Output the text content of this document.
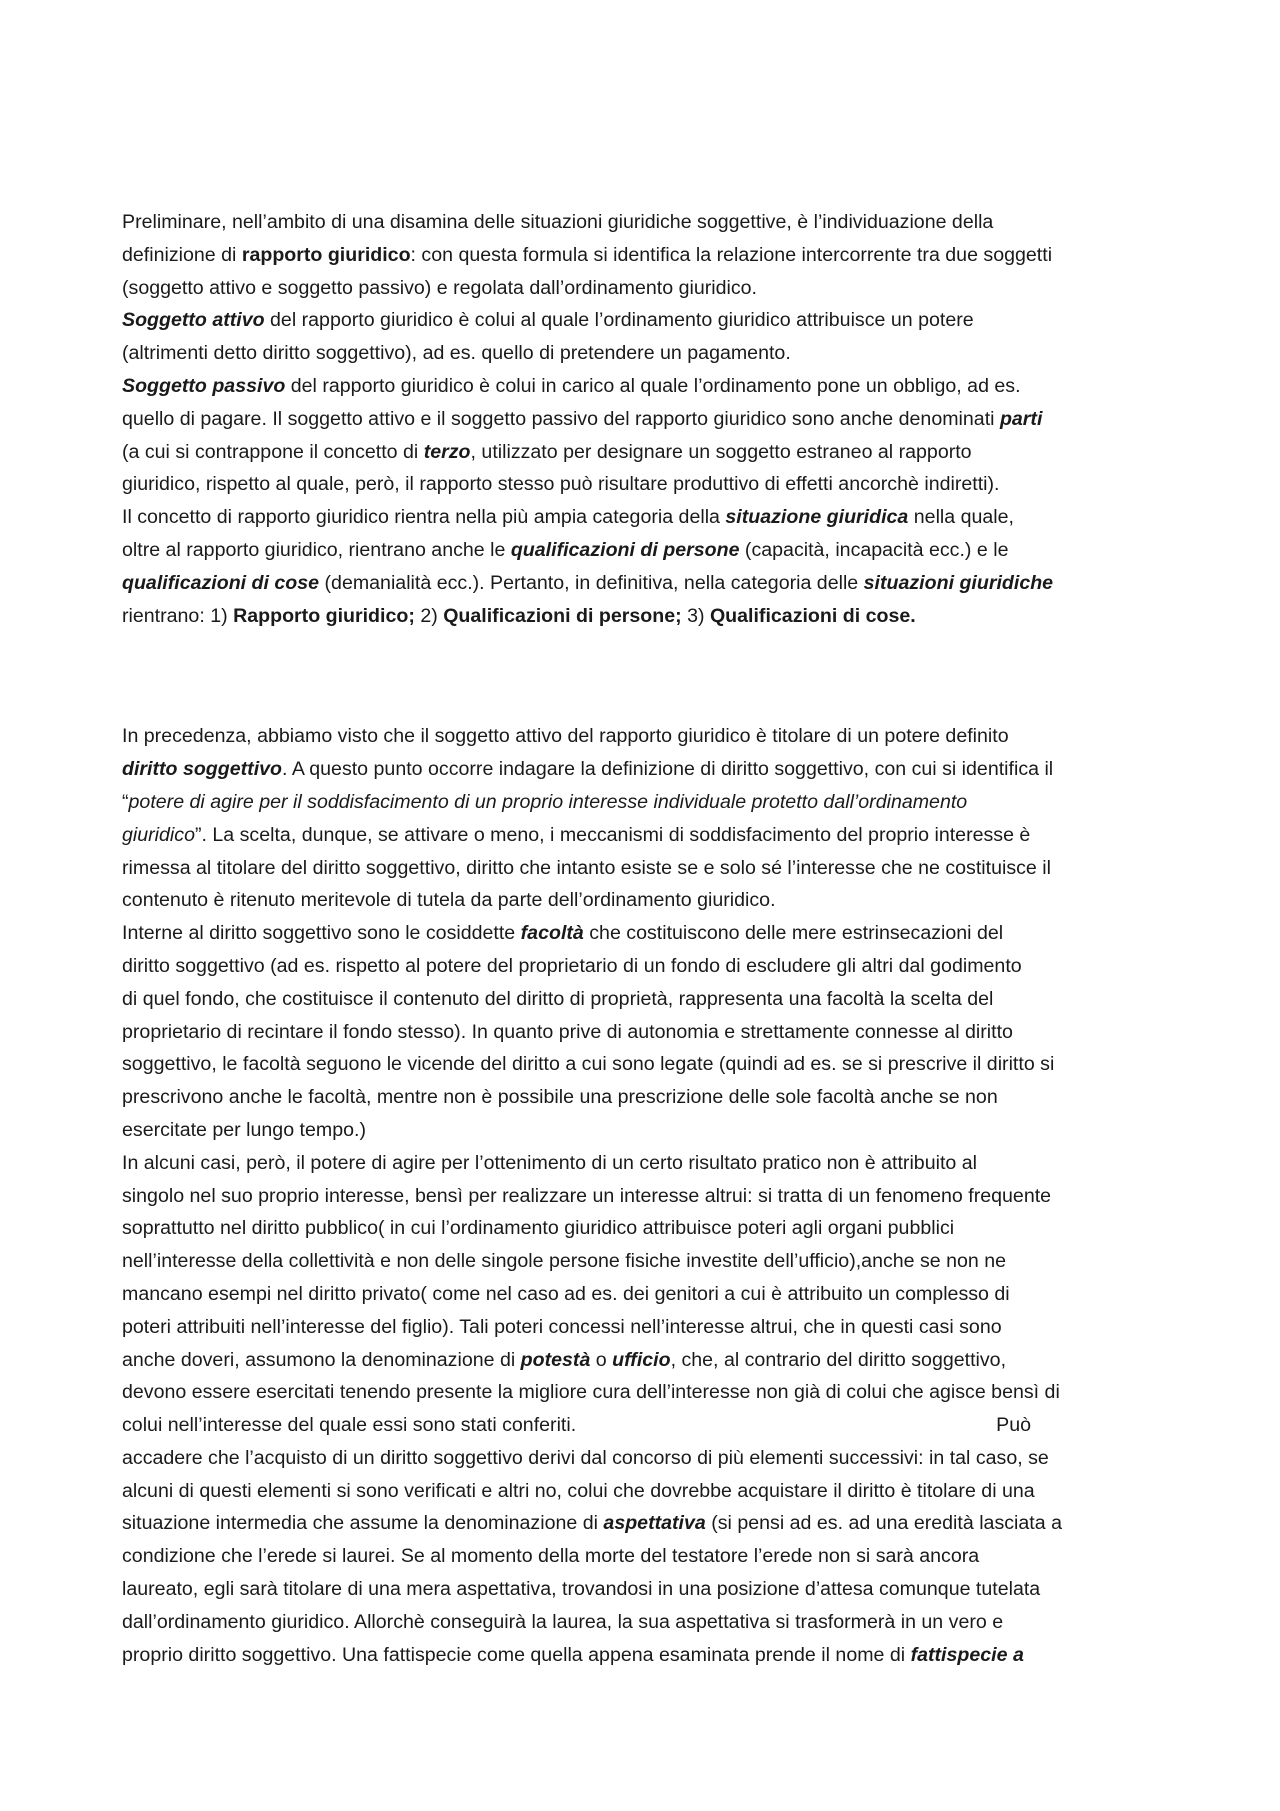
Preliminare, nell’ambito di una disamina delle situazioni giuridiche soggettive, è l’individuazione della
definizione di rapporto giuridico: con questa formula si identifica la relazione intercorrente tra due soggetti
(soggetto attivo e soggetto passivo) e regolata dall’ordinamento giuridico.
Soggetto attivo del rapporto giuridico è colui al quale l’ordinamento giuridico attribuisce un potere
(altrimenti detto diritto soggettivo), ad es. quello di pretendere un pagamento.
Soggetto passivo del rapporto giuridico è colui in carico al quale l’ordinamento pone un obbligo, ad es.
quello di pagare. Il soggetto attivo e il soggetto passivo del rapporto giuridico sono anche denominati parti
(a cui si contrappone il concetto di terzo, utilizzato per designare un soggetto estraneo al rapporto
giuridico, rispetto al quale, però, il rapporto stesso può risultare produttivo di effetti ancorchè indiretti).
Il concetto di rapporto giuridico rientra nella più ampia categoria della situazione giuridica nella quale,
oltre al rapporto giuridico, rientrano anche le qualificazioni di persone (capacità, incapacità ecc.) e le
qualificazioni di cose (demanialità ecc.). Pertanto, in definitiva, nella categoria delle situazioni giuridiche
rientrano: 1) Rapporto giuridico; 2) Qualificazioni di persone; 3) Qualificazioni di cose.
In precedenza, abbiamo visto che il soggetto attivo del rapporto giuridico è titolare di un potere definito
diritto soggettivo. A questo punto occorre indagare la definizione di diritto soggettivo, con cui si identifica il
“potere di agire per il soddisfacimento di un proprio interesse individuale protetto dall’ordinamento
giuridico”. La scelta, dunque, se attivare o meno, i meccanismi di soddisfacimento del proprio interesse è
rimessa al titolare del diritto soggettivo, diritto che intanto esiste se e solo sé l’interesse che ne costituisce il
contenuto è ritenuto meritevole di tutela da parte dell’ordinamento giuridico.
Interne al diritto soggettivo sono le cosiddette facoltà che costituiscono delle mere estrinsecazioni del
diritto soggettivo (ad es. rispetto al potere del proprietario di un fondo di escludere gli altri dal godimento
di quel fondo, che costituisce il contenuto del diritto di proprietà, rappresenta una facoltà la scelta del
proprietario di recintare il fondo stesso). In quanto prive di autonomia e strettamente connesse al diritto
soggettivo, le facoltà seguono le vicende del diritto a cui sono legate (quindi ad es. se si prescrive il diritto si
prescrivono anche le facoltà, mentre non è possibile una prescrizione delle sole facoltà anche se non
esercitate per lungo tempo.)
In alcuni casi, però, il potere di agire per l’ottenimento di un certo risultato pratico non è attribuito al
singolo nel suo proprio interesse, bensì per realizzare un interesse altrui: si tratta di un fenomeno frequente
soprattutto nel diritto pubblico( in cui l’ordinamento giuridico attribuisce poteri agli organi pubblici
nell’interesse della collettività e non delle singole persone fisiche investite dell’ufficio),anche se non ne
mancano esempi nel diritto privato( come nel caso ad es. dei genitori a cui è attribuito un complesso di
poteri attribuiti nell’interesse del figlio). Tali poteri concessi nell’interesse altrui, che in questi casi sono
anche doveri, assumono la denominazione di potestà o ufficio, che, al contrario del diritto soggettivo,
devono essere esercitati tenendo presente la migliore cura dell’interesse non già di colui che agisce bensì di
colui nell’interesse del quale essi sono stati conferiti.	Può
accadere che l’acquisto di un diritto soggettivo derivi dal concorso di più elementi successivi: in tal caso, se
alcuni di questi elementi si sono verificati e altri no, colui che dovrebbe acquistare il diritto è titolare di una
situazione intermedia che assume la denominazione di aspettativa (si pensi ad es. ad una eredità lasciata a
condizione che l’erede si laurei. Se al momento della morte del testatore l’erede non si sarà ancora
laureato, egli sarà titolare di una mera aspettativa, trovandosi in una posizione d’attesa comunque tutelata
dall’ordinamento giuridico. Allorchè conseguirà la laurea, la sua aspettativa si trasformerà in un vero e
proprio diritto soggettivo. Una fattispecie come quella appena esaminata prende il nome di fattispecie a
